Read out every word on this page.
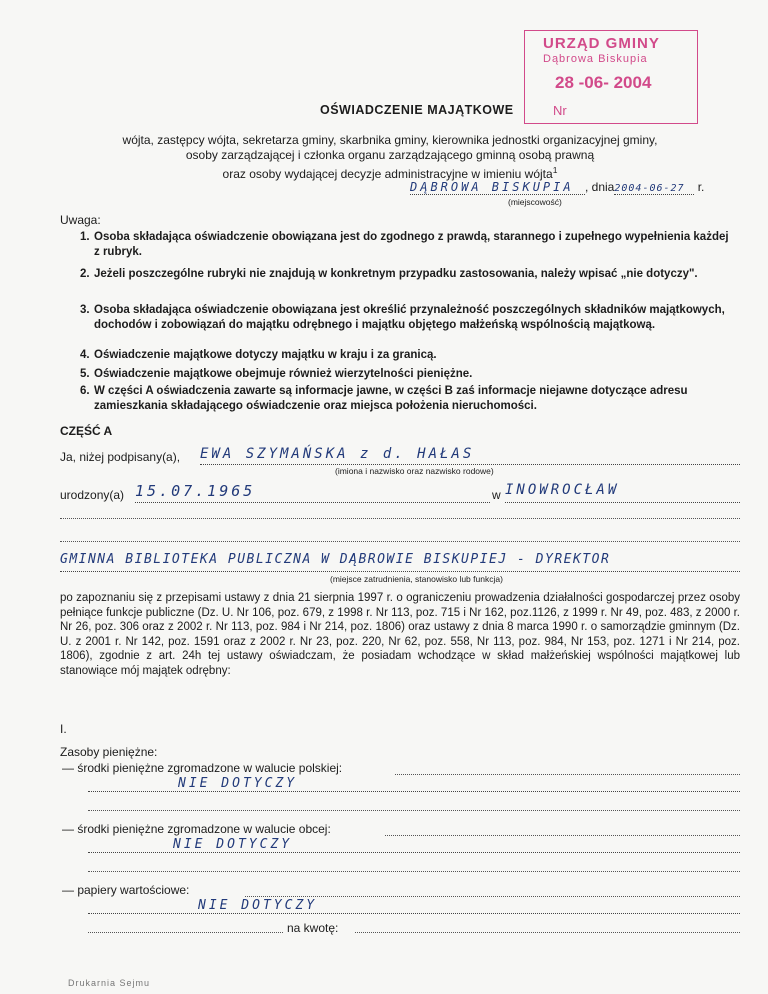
URZĄD GMINY
Dąbrowa Biskupia
28 -06- 2004
Nr
OŚWIADCZENIE MAJĄTKOWE
wójta, zastępcy wójta, sekretarza gminy, skarbnika gminy, kierownika jednostki organizacyjnej gminy,
osoby zarządzającej i członka organu zarządzającego gminną osobą prawną
oraz osoby wydającej decyzje administracyjne w imieniu wójta$^1$
DĄBROWA BISKUPIA , dnia2004-06-27 r.
(miejscowość)
Uwaga:
1. Osoba składająca oświadczenie obowiązana jest do zgodnego z prawdą, starannego i zupełnego wypełnienia każdej z rubryk.
2. Jeżeli poszczególne rubryki nie znajdują w konkretnym przypadku zastosowania, należy wpisać „nie dotyczy".
3. Osoba składająca oświadczenie obowiązana jest określić przynależność poszczególnych składników majątkowych, dochodów i zobowiązań do majątku odrębnego i majątku objętego małżeńską wspólnością majątkową.
4. Oświadczenie majątkowe dotyczy majątku w kraju i za granicą.
5. Oświadczenie majątkowe obejmuje również wierzytelności pieniężne.
6. W części A oświadczenia zawarte są informacje jawne, w części B zaś informacje niejawne dotyczące adresu zamieszkania składającego oświadczenie oraz miejsca położenia nieruchomości.
CZĘŚĆ A
Ja, niżej podpisany(a), EWA SZYMAŃSKA z d. HAŁAS
(imiona i nazwisko oraz nazwisko rodowe)
urodzony(a) 15.07.1965	w INOWROCŁAW
GMINNA BIBLIOTEKA PUBLICZNA W DĄBROWIE BISKUPIEJ - DYREKTOR
(miejsce zatrudnienia, stanowisko lub funkcja)
po zapoznaniu się z przepisami ustawy z dnia 21 sierpnia 1997 r. o ograniczeniu prowadzenia działalności gospodarczej przez osoby pełniące funkcje publiczne (Dz. U. Nr 106, poz. 679, z 1998 r. Nr 113, poz. 715 i Nr 162, poz.1126, z 1999 r. Nr 49, poz. 483, z 2000 r. Nr 26, poz. 306 oraz z 2002 r. Nr 113, poz. 984 i Nr 214, poz. 1806) oraz ustawy z dnia 8 marca 1990 r. o samorządzie gminnym (Dz. U. z 2001 r. Nr 142, poz. 1591 oraz z 2002 r. Nr 23, poz. 220, Nr 62, poz. 558, Nr 113, poz. 984, Nr 153, poz. 1271 i Nr 214, poz. 1806), zgodnie z art. 24h tej ustawy oświadczam, że posiadam wchodzące w skład małżeńskiej wspólności majątkowej lub stanowiące mój majątek odrębny:
I.
Zasoby pieniężne:
— środki pieniężne zgromadzone w walucie polskiej:
NIE DOTYCZY
— środki pieniężne zgromadzone w walucie obcej:
NIE DOTYCZY
— papiery wartościowe:
NIE DOTYCZY
na kwotę:
Drukarnia Sejmu
